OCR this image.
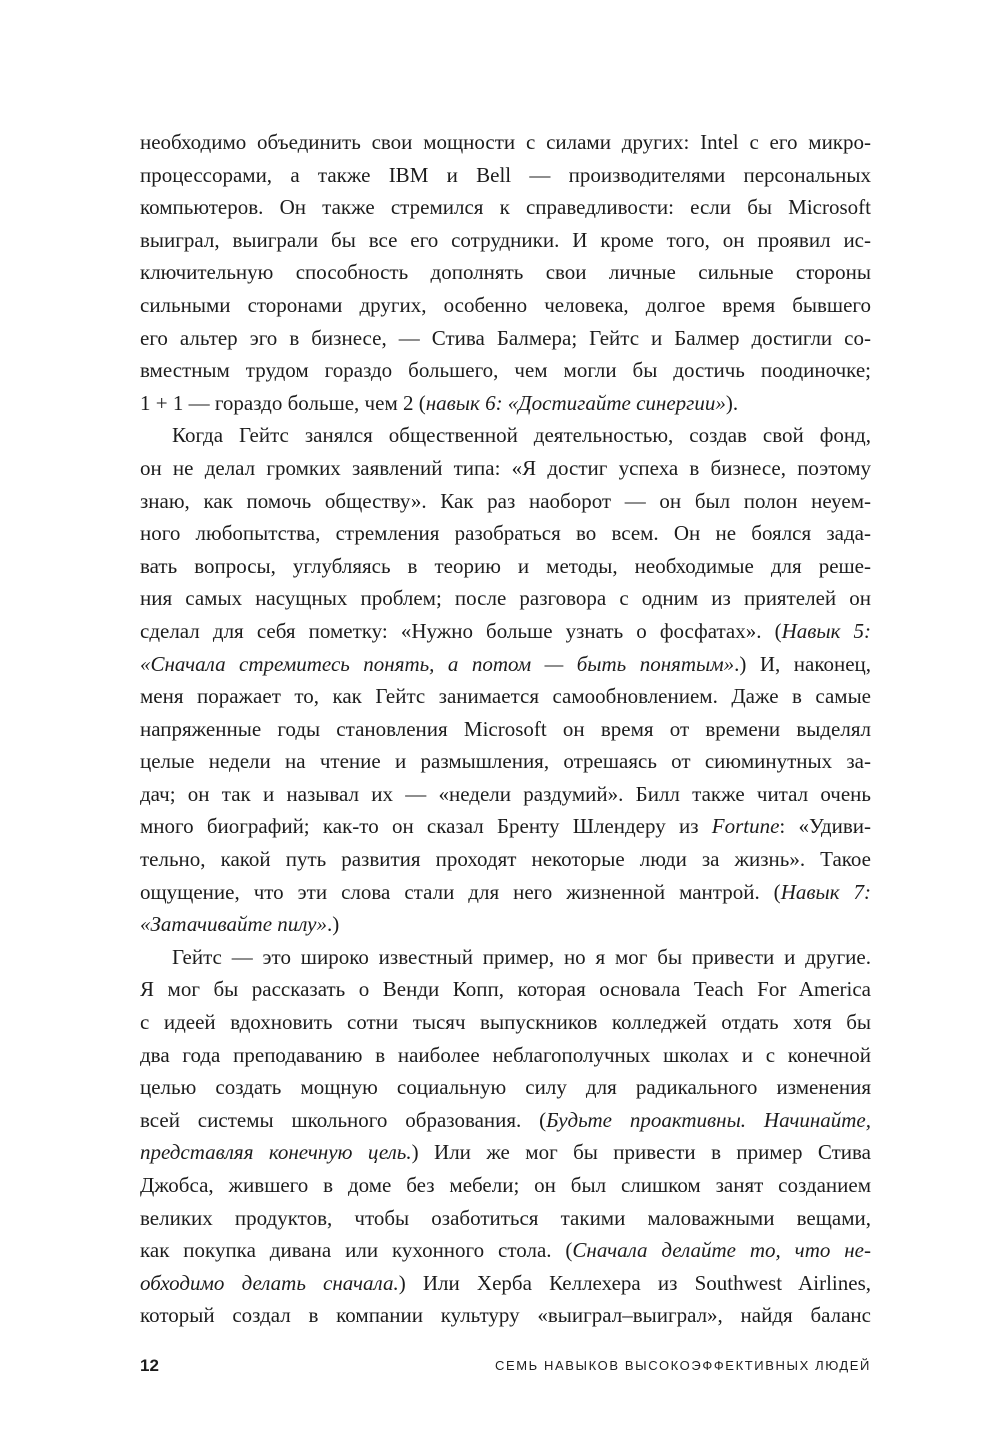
необходимо объединить свои мощности с силами других: Intel с его микро-
процессорами, а также IBM и Bell — производителями персональных
компьютеров. Он также стремился к справедливости: если бы Microsoft
выиграл, выиграли бы все его сотрудники. И кроме того, он проявил ис-
ключительную способность дополнять свои личные сильные стороны
сильными сторонами других, особенно человека, долгое время бывшего
его альтер эго в бизнесе, — Стива Балмера; Гейтс и Балмер достигли со-
вместным трудом гораздо большего, чем могли бы достичь поодиночке;
1 + 1 — гораздо больше, чем 2 (навык 6: «Достигайте синергии»).
Когда Гейтс занялся общественной деятельностью, создав свой фонд,
он не делал громких заявлений типа: «Я достиг успеха в бизнесе, поэтому
знаю, как помочь обществу». Как раз наоборот — он был полон неуем-
ного любопытства, стремления разобраться во всем. Он не боялся зада-
вать вопросы, углубляясь в теорию и методы, необходимые для реше-
ния самых насущных проблем; после разговора с одним из приятелей он
сделал для себя пометку: «Нужно больше узнать о фосфатах». (Навык 5:
«Сначала стремитесь понять, а потом — быть понятым».) И, наконец,
меня поражает то, как Гейтс занимается самообновлением. Даже в самые
напряженные годы становления Microsoft он время от времени выделял
целые недели на чтение и размышления, отрешаясь от сиюминутных за-
дач; он так и называл их — «недели раздумий». Билл также читал очень
много биографий; как-то он сказал Бренту Шлендеру из Fortune: «Удиви-
тельно, какой путь развития проходят некоторые люди за жизнь». Такое
ощущение, что эти слова стали для него жизненной мантрой. (Навык 7:
«Затачивайте пилу».)
Гейтс — это широко известный пример, но я мог бы привести и другие.
Я мог бы рассказать о Венди Копп, которая основала Teach For America
с идеей вдохновить сотни тысяч выпускников колледжей отдать хотя бы
два года преподаванию в наиболее неблагополучных школах и с конечной
целью создать мощную социальную силу для радикального изменения
всей системы школьного образования. (Будьте проактивны. Начинайте,
представляя конечную цель.) Или же мог бы привести в пример Стива
Джобса, жившего в доме без мебели; он был слишком занят созданием
великих продуктов, чтобы озаботиться такими маловажными вещами,
как покупка дивана или кухонного стола. (Сначала делайте то, что не-
обходимо делать сначала.) Или Херба Келлехера из Southwest Airlines,
который создал в компании культуру «выиграл–выиграл», найдя баланс
12	СЕМЬ НАВЫКОВ ВЫСОКОЭФФЕКТИВНЫХ ЛЮДЕЙ
